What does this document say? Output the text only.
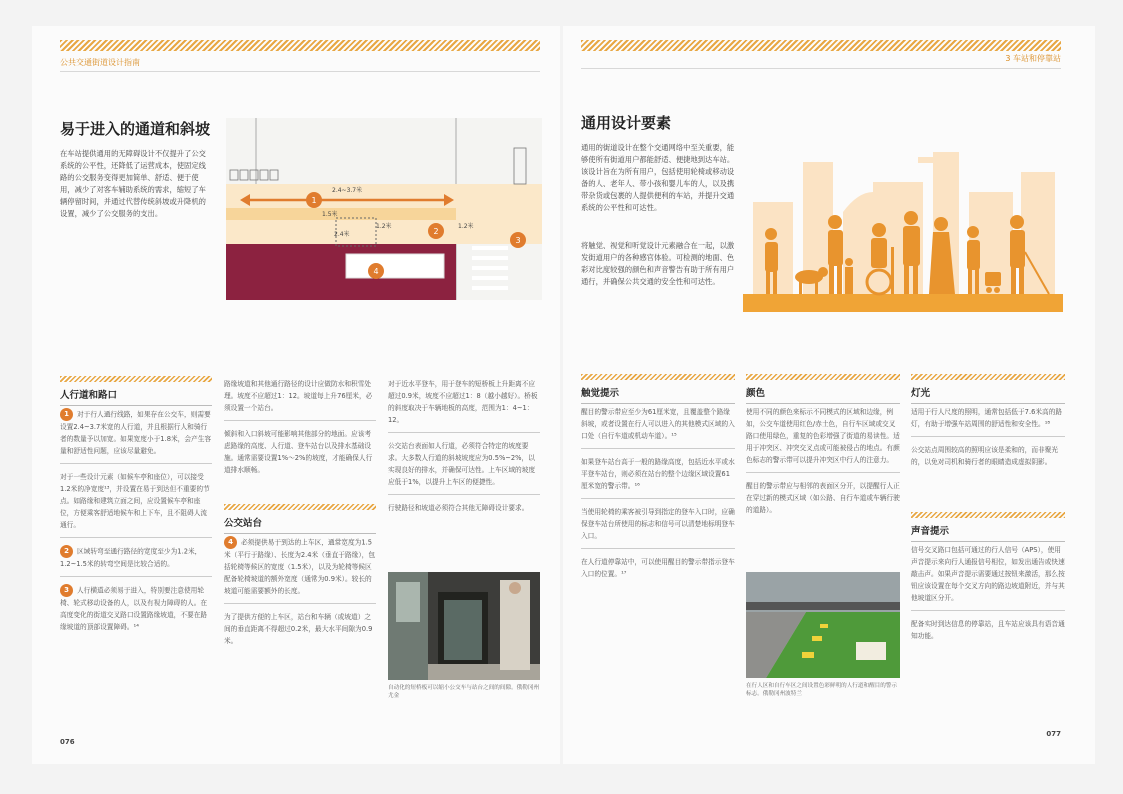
公共交通街道设计指南
易于进入的通道和斜坡
在车站提供通用的无障碍设计不仅提升了公交系统的公平性，还降低了运营成本，使固定线路的公交服务变得更加简单、舒适、便于使用，减少了对客车辅助系统的需求，缩短了车辆停留时间，并通过代替传统斜坡或升降机的设置，减少了公交服务的支出。
2.4~3.7米
1.5米
1.2米	1.2米
2.4米
1
2
3
4
人行道和路口

1 对于行人通行线路，如果存在公交车，则需要设置2.4~3.7米宽的人行道，并且根据行人和骑行者的数量予以加宽。如果宽度小于1.8米，会产生容量和舒适性问题，应该尽量避免。

对于一些设计元素（如候车亭和座位），可以接受1.2米的净宽度¹³，并设置在易于到达但不重要的节点。如路缘和建筑立面之间，应设置候车亭和座位，方便乘客舒适地候车和上下车，且不阻碍人流通行。

2 区域转弯至通行路径的宽度至少为1.2米，1.2~1.5米的转弯空间是比较合适的。

3 人行横道必须易于进入，特别要注意使用轮椅、轮式移动设备的人，以及有视力障碍的人。在高度变化的街道交叉路口设置路缘坡道，不要在路缘坡道的顶部设置障碍。¹⁴

路缘坡道和其他通行路径的设计应做防水和积雪处理。坡度不应超过1：12。坡道每上升76厘米，必须设置一个站台。

倾斜和入口斜坡可能影响其他部分的地面。应该考虑路缘的高度、人行道、登车站台以及排水基础设施。通常需要设置1%～2%的坡度，才能确保人行道排水顺畅。

公交站台

4 必须提供易于到达的上车区，通常宽度为1.5米（平行于路缘）、长度为2.4米（垂直于路缘），包括轮椅等候区的宽度（1.5米），以及为轮椅等候区配备轮椅坡道的额外宽度（通常为0.9米）。较长的坡道可能需要额外的长度。

为了提供方便的上车区，站台和车辆（或坡道）之间的垂直距离不得超过0.2米，最大水平间隙为0.9米。

对于近水平登车，用于登车的短桥板上升距离不应超过0.9米，坡度不应超过1：8（越小越好）。桥板的斜度取决于车辆地板的高度，范围为1：4~1：12。

公交站台表面如人行道，必须符合特定的坡度要求。大多数人行道的斜坡坡度应为0.5%~2%，以实现良好的排水，并确保可达性。上车区域的坡度应低于1%，以提升上车区的便捷性。

行驶路径和坡道必须符合其他无障碍设计要求。

自动化的短桥板可以缩小公交车与站台之间的间隙。俄勒冈州尤金
076
3 车站和停靠站
通用设计要素
通用的街道设计在整个交通网络中至关重要，能够使所有街道用户都能舒适、便捷地到达车站。该设计旨在为所有用户，包括使用轮椅或移动设备的人、老年人、带小孩和婴儿车的人，以及携带杂货或包裹的人提供便利的车站，并提升交通系统的公平性和可达性。
将触觉、视觉和听觉设计元素融合在一起，以激发街道用户的各种感官体验。可检测的地面、色彩对比度较强的颜色和声音警告有助于所有用户通行，并确保公共交通的安全性和可达性。
触觉提示

醒目的警示带应至少为61厘米宽，且覆盖整个路缘斜坡，或者设置在行人可以进入的其他模式区域的入口处（自行车道或机动车道）。¹⁵

如果登车站台高于一般的路缘高度，包括近水平或水平登车站台，则必须在站台的整个边缘区域设置61厘米宽的警示带。¹⁶

当使用轮椅的乘客被引导到指定的登车入口时，应确保登车站台所使用的标志和信号可以清楚地标明登车入口。

在人行道停靠站中，可以使用醒目的警示带指示登车入口的位置。¹⁷

颜色

使用不同的颜色来标示不同模式的区域和边缘，例如，公交车道使用红色/赤土色，自行车区域或交叉路口使用绿色，重复的色彩增强了街道的易读性。适用于冲突区、冲突交叉点或可能被侵占的地点。有颜色标志的警示带可以提升冲突区中行人的注意力。

醒目的警示带应与相邻的表面区分开，以提醒行人正在穿过新的模式区域（如公路、自行车道或车辆行驶的道路）。

在行人区和自行车区之间设置色彩鲜明的人行道和醒目的警示标志。俄勒冈州波特兰
灯光

适用于行人尺度的照明，通常包括低于7.6米高的路灯，有助于增强车站周围的舒适性和安全性。¹⁸

公交站点周围较高的照明应该是柔和的，而非聚光的，以免对司机和骑行者的眼睛造成虚拟阴影。

声音提示

信号交叉路口包括可通过的行人信号（APS），使用声音提示来向行人通报信号相位，如发出通告或快速敲击声。如果声音提示需要通过按钮来激活，那么按钮应该设置在每个交叉方向的路边坡道附近，并与其他坡道区分开。

配备实时到达信息的停靠站，且车站应该具有语音通知功能。

077
